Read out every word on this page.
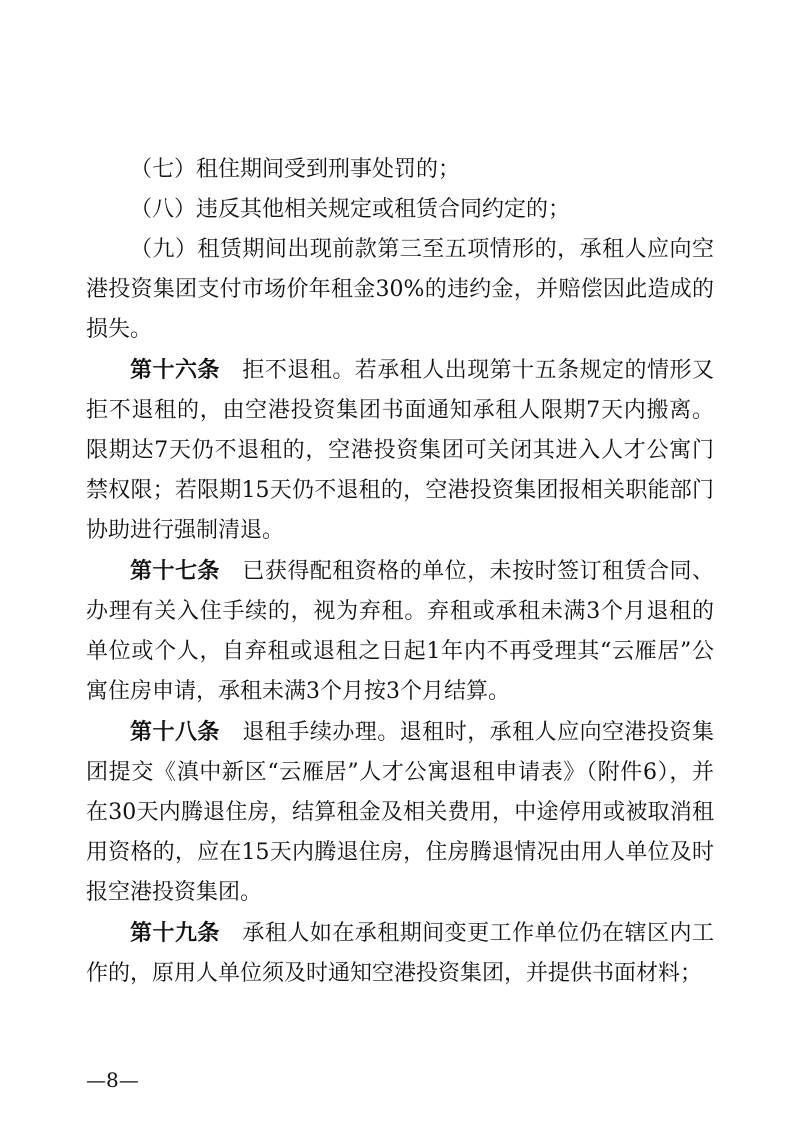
（七）租住期间受到刑事处罚的；

（八）违反其他相关规定或租赁合同约定的；

（九）租赁期间出现前款第三至五项情形的，承租人应向空港投资集团支付市场价年租金30%的违约金，并赔偿因此造成的损失。

第十六条　 拒不退租。若承租人出现第十五条规定的情形又拒不退租的，由空港投资集团书面通知承租人限期7天内搬离。限期达7天仍不退租的，空港投资集团可关闭其进入人才公寓门禁权限；若限期15天仍不退租的，空港投资集团报相关职能部门协助进行强制清退。

第十七条　 已获得配租资格的单位，未按时签订租赁合同、办理有关入住手续的，视为弃租。弃租或承租未满3个月退租的单位或个人，自弃租或退租之日起1年内不再受理其“云雁居”公寓住房申请，承租未满3个月按3个月结算。

第十八条　 退租手续办理。退租时，承租人应向空港投资集团提交《滇中新区“云雁居”人才公寓退租申请表》（附件6），并在30天内腾退住房，结算租金及相关费用，中途停用或被取消租用资格的，应在15天内腾退住房，住房腾退情况由用人单位及时报空港投资集团。

第十九条　 承租人如在承租期间变更工作单位仍在辖区内工作的，原用人单位须及时通知空港投资集团，并提供书面材料；

—8—
